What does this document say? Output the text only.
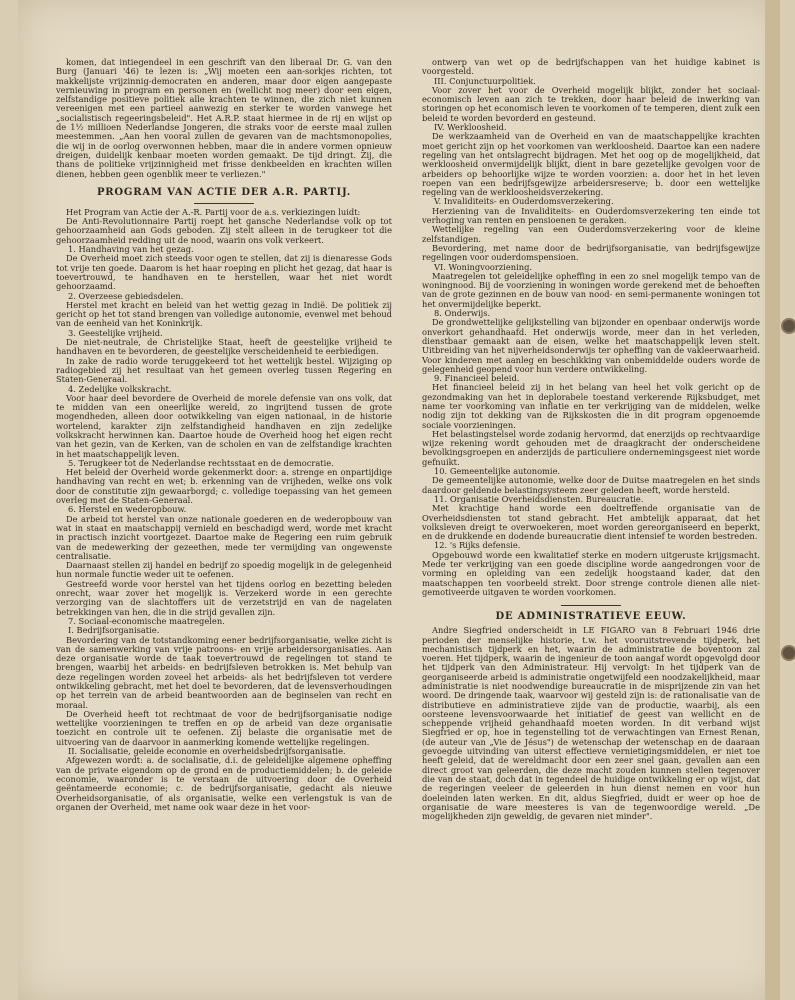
komen, dat intiegendeel in een geschrift van den liberaal Dr. G. van den Burg (Januari '46) te lezen is: „Wij moeten een aan-sorkjes richten, tot makkelijste vrijzinnig-democraten en anderen, maar door eigen aangepaste vernieuwing in program en personen en (wellicht nog meer) door een eigen, zelfstandige positieve politiek alle krachten te winnen, die zich niet kunnen vereenigen met een partieel aanwezig en sterker te worden vanwege het „socialistisch regeeringsbeleid". Het A.R.P. staat hiermee in de rij en wijst op de 1½ millioen Nederlandse Jongeren, die straks voor de eerste maal zullen meestemmen. „Aan hen vooral zullen de gevaren van de machtsmonopolies, die wij in de oorlog overwonnen hebben, maar die in andere vormen opnieuw dreigen, duidelijk kenbaar moeten worden gemaakt. De tijd dringt. Zij, die thans de politieke vrijzinnigheid met frisse denkbeelden en krachten willen dienen, hebben geen ogenblik meer te verliezen."

PROGRAM VAN ACTIE DER A.R. PARTIJ.

Het Program van Actie der A.-R. Partij voor de a.s. verkiezingen luidt:

De Anti-Revolutionnaire Partij roept het gansche Nederlandse volk op tot gehoorzaamheid aan Gods geboden. Zij stelt alleen in de terugkeer tot die gehoorzaamheid redding uit de nood, waarin ons volk verkeert.

1. Handhaving van het gezag.

De Overheid moet zich steeds voor ogen te stellen, dat zij is dienaresse Gods tot vrije ten goede. Daarom is het haar roeping en plicht het gezag, dat haar is toevertrouwd, te handhaven en te herstellen, waar het niet wordt gehoorzaamd.

2. Overzeese gebiedsdelen.

Herstel met kracht en beleid van het wettig gezag in Indië. De politiek zij gericht op het tot stand brengen van volledige autonomie, evenwel met behoud van de eenheid van het Koninkrijk.

3. Geestelijke vrijheid.

De niet-neutrale, de Christelijke Staat, heeft de geestelijke vrijheid te handhaven en te bevorderen, de geestelijke verscheidenheid te eerbiedigen.

In zake de radio worde teruggekeerd tot het wettelijk bestel. Wijziging op radiogebied zij het resultaat van het gemeen overleg tussen Regering en Staten-Generaal.

4. Zedelijke volkskracht.

Voor haar deel bevordere de Overheid de morele defensie van ons volk, dat te midden van een oneerlijke wereld, zo ingrijtend tussen de grote mogendheden, alleen door ootwikkeling van eigen nationaal, in de historie wortelend, karakter zijn zelfstandigheid handhaven en zijn zedelijke volkskracht herwinnen kan. Daartoe houde de Overheid hoog het eigen recht van het gezin, van de Kerken, van de scholen en van de zelfstandige krachten in het maatschappelijk leven.

5. Terugkeer tot de Nederlandse rechtsstaat en de democratie.

Het beleid der Overheid worde gekenmerkt door: a. strenge en onpartijdige handhaving van recht en wet; b. erkenning van de vrijheden, welke ons volk door de constitutie zijn gewaarborgd; c. volledige toepassing van het gemeen overleg met de Staten-Generaal.

6. Herstel en wederopbouw.

De arbeid tot herstel van onze nationale goederen en de wederopbouw van wat in staat en maatschappij vernield en beschadigd werd, worde met kracht in practisch inzicht voortgezet. Daartoe make de Regering een ruim gebruik van de medewerking der gezeethen, mede ter vermijding van ongewenste centralisatie.

Daarnaast stellen zij handel en bedrijf zo spoedig mogelijk in de gelegenheid hun normale functie weder uit te oefenen.

Gestreefd worde voor herstel van het tijdens oorlog en bezetting beleden onrecht, waar zover het mogelijk is. Verzekerd worde in een gerechte verzorging van de slachtoffers uit de verzetstrijd en van de nagelaten betrekkingen van hen, die in die strijd gevallen zijn.

7. Sociaal-economische maatregelen.

I. Bedrijfsorganisatie.

Bevordering van de totstandkoming eener bedrijfsorganisatie, welke zicht is van de samenwerking van vrije patroons- en vrije arbeidersorganisaties. Aan deze organisatie worde de taak toevertrouwd de regelingen tot stand te brengen, waarbij het arbeids- en bedrijfsleven betrokken is. Met behulp van deze regelingen worden zoveel het arbeids- als het bedrijfsleven tot verdere ontwikkeling gebracht, met het doel te bevorderen, dat de levensverhoudingen op het terrein van de arbeid beantwoorden aan de beginselen van recht en moraal.

De Overheid heeft tot rechtmaat de voor de bedrijfsorganisatie nodige wettelijke voorzieningen te treffen en op de arbeid van deze organisatie toezicht en controle uit te oefenen. Zij belaste die organisatie met de uitvoering van de daarvoor in aanmerking komende wettelijke regelingen.

II. Socialisatie, geleide economie en overheidsbedrijfsorganisatie.

Afgewezen wordt: a. de socialisatie, d.i. de geleidelijke algemene opheffing van de private eigendom op de grond en de productiemiddelen; b. de geleide economie, waaronder is te verstaan de uitvoering door de Overheid geëntameerde economie; c. de bedrijfsorganisatie, gedacht als nieuwe Overheidsorganisatie, of als organisatie, welke een verlengstuk is van de organen der Overheid, met name ook waar deze in het voor-

ontwerp van wet op de bedrijfschappen van het huidige kabinet is voorgesteld.

III. Conjunctuurpolitiek.

Voor zover het voor de Overheid mogelijk blijkt, zonder het sociaal-economisch leven aan zich te trekken, door haar beleid de inwerking van storingen op het economisch leven te voorkomen of te temperen, dient zulk een beleid te worden bevorderd en gesteund.

IV. Werkloosheid.

De werkzaamheid van de Overheid en van de maatschappelijke krachten moet gericht zijn op het voorkomen van werkloosheid. Daartoe kan een nadere regeling van het ontslagrecht bijdragen. Met het oog op de mogelijkheid, dat werkloosheid onvermijdelijk blijkt, dient in bare gezetelijke gevolgen voor de arbeiders op behoorlijke wijze te worden voorzien: a. door het in het leven roepen van een bedrijfsgewijze arbeidersreserve; b. door een wettelijke regeling van de werkloosheidsverzekering.

V. Invaliditeits- en Ouderdomsverzekering.

Herziening van de Invaliditeits- en Ouderdomsverzekering ten einde tot verhoging van renten en pensioenen te geraken.

Wettelijke regeling van een Ouderdomsverzekering voor de kleine zelfstandigen.

Bevordering, met name door de bedrijfsorganisatie, van bedrijfsgewijze regelingen voor ouderdomspensioen.

VI. Woningvoorziening.

Maatregelen tot geleidelijke opheffing in een zo snel mogelijk tempo van de woningnood. Bij de voorziening in woningen worde gerekend met de behoeften van de grote gezinnen en de bouw van nood- en semi-permanente woningen tot het onvermijdelijke beperkt.

8. Onderwijs.

De grondwettelijke gelijkstelling van bijzonder en openbaar onderwijs worde onverkort gehandhaafd. Het onderwijs worde, meer dan in het verleden, dienstbaar gemaakt aan de eisen, welke het maatschappelijk leven stelt. Uitbreiding van het nijverheidsonderwijs ter opheffing van de vakleerwaarheid. Voor kinderen met aanleg en beschikking van onbemiddelde ouders worde de gelegenheid geopend voor hun verdere ontwikkeling.

9. Financieel beleid.

Het financieel beleid zij in het belang van heel het volk gericht op de gezondmaking van het in deplorabele toestand verkerende Rijksbudget, met name ter voorkoming van inflatie en ter verkrijging van de middelen, welke nodig zijn tot dekking van de Rijkskosten die in dit program opgenoemde sociale voorzieningen.

Het belastingstelsel worde zodanig hervormd, dat enerzijds op rechtvaardige wijze rekening wordt gehouden met de draagkracht der onderscheidene bevolkingsgroepen en anderzijds de particuliere ondernemingsgeest niet worde gefnuikt.

10. Gemeentelijke autonomie.

De gemeentelijke autonomie, welke door de Duitse maatregelen en het sinds daardoor geldende belastingsysteem zeer geleden heeft, worde hersteld.

11. Organisatie Overheidsdiensten. Bureaucratie.

Met krachtige hand worde een doeltreffende organisatie van de Overheidsdiensten tot stand gebracht. Het ambtelijk apparaat, dat het volksleven dreigt te overwoekeren, moet worden gereorganiseerd en beperkt, en de drukkende en dodende bureaucratie dient intensief te worden bestreden.

12. 's Rijks defensie.

Opgebouwd worde een kwalitatief sterke en modern uitgeruste krijgsmacht. Mede ter verkrijging van een goede discipline worde aangedrongen voor de vorming en opleiding van een zedelijk hoogstaand kader, dat den maatschappen ten voorbeeld strekt. Door strenge controle dienen alle niet-gemotiveerde uitgaven te worden voorkomen.

DE ADMINISTRATIEVE EEUW.

Andre Siegfried onderscheidt in LE FIGARO van 8 Februari 1946 drie perioden der menselijke historie, t.w. het vooruitstrevende tijdperk, het mechanistisch tijdperk en het, waarin de administratie de boventoon zal voeren. Het tijdperk, waarin de ingenieur de toon aangaf wordt opgevolgd door het tijdperk van den Administrateur. Hij vervolgt: In het tijdperk van de georganiseerde arbeid is administratie ongetwijfeld een noodzakelijkheid, maar administratie is niet noodwendige bureaucratie in de misprijzende zin van het woord. De dringende taak, waarvoor wij gesteld zijn is: de rationalisatie van de distributieve en administratieve zijde van de productie, waarbij, als een oorsteene levensvoorwaarde het initiatief de geest van wellicht en de scheppende vrijheid gehandhaafd moeten worden. In dit verband wijst Siegfried er op, hoe in tegenstelling tot de verwachtingen van Ernest Renan, (de auteur van „Vie de Jésus") de wetenschap der wetenschap en de daaraan gevoegde uitvinding van uiterst effectieve vernietigingsmiddelen, er niet toe heeft geleid, dat de wereldmacht door een zeer snel gaan, gevallen aan een direct groot van geleerden, die deze macht zouden kunnen stellen tegenover die van de staat, doch dat in tegendeel de huidige ontwikkeling er op wijst, dat de regeringen veeleer de geleerden in hun dienst nemen en voor hun doeleinden laten werken. En dit, aldus Siegfried, duidt er weer op hoe de organisatie de ware meesteres is van de tegenwoordige wereld. „De mogelijkheden zijn geweldig, de gevaren niet minder".
